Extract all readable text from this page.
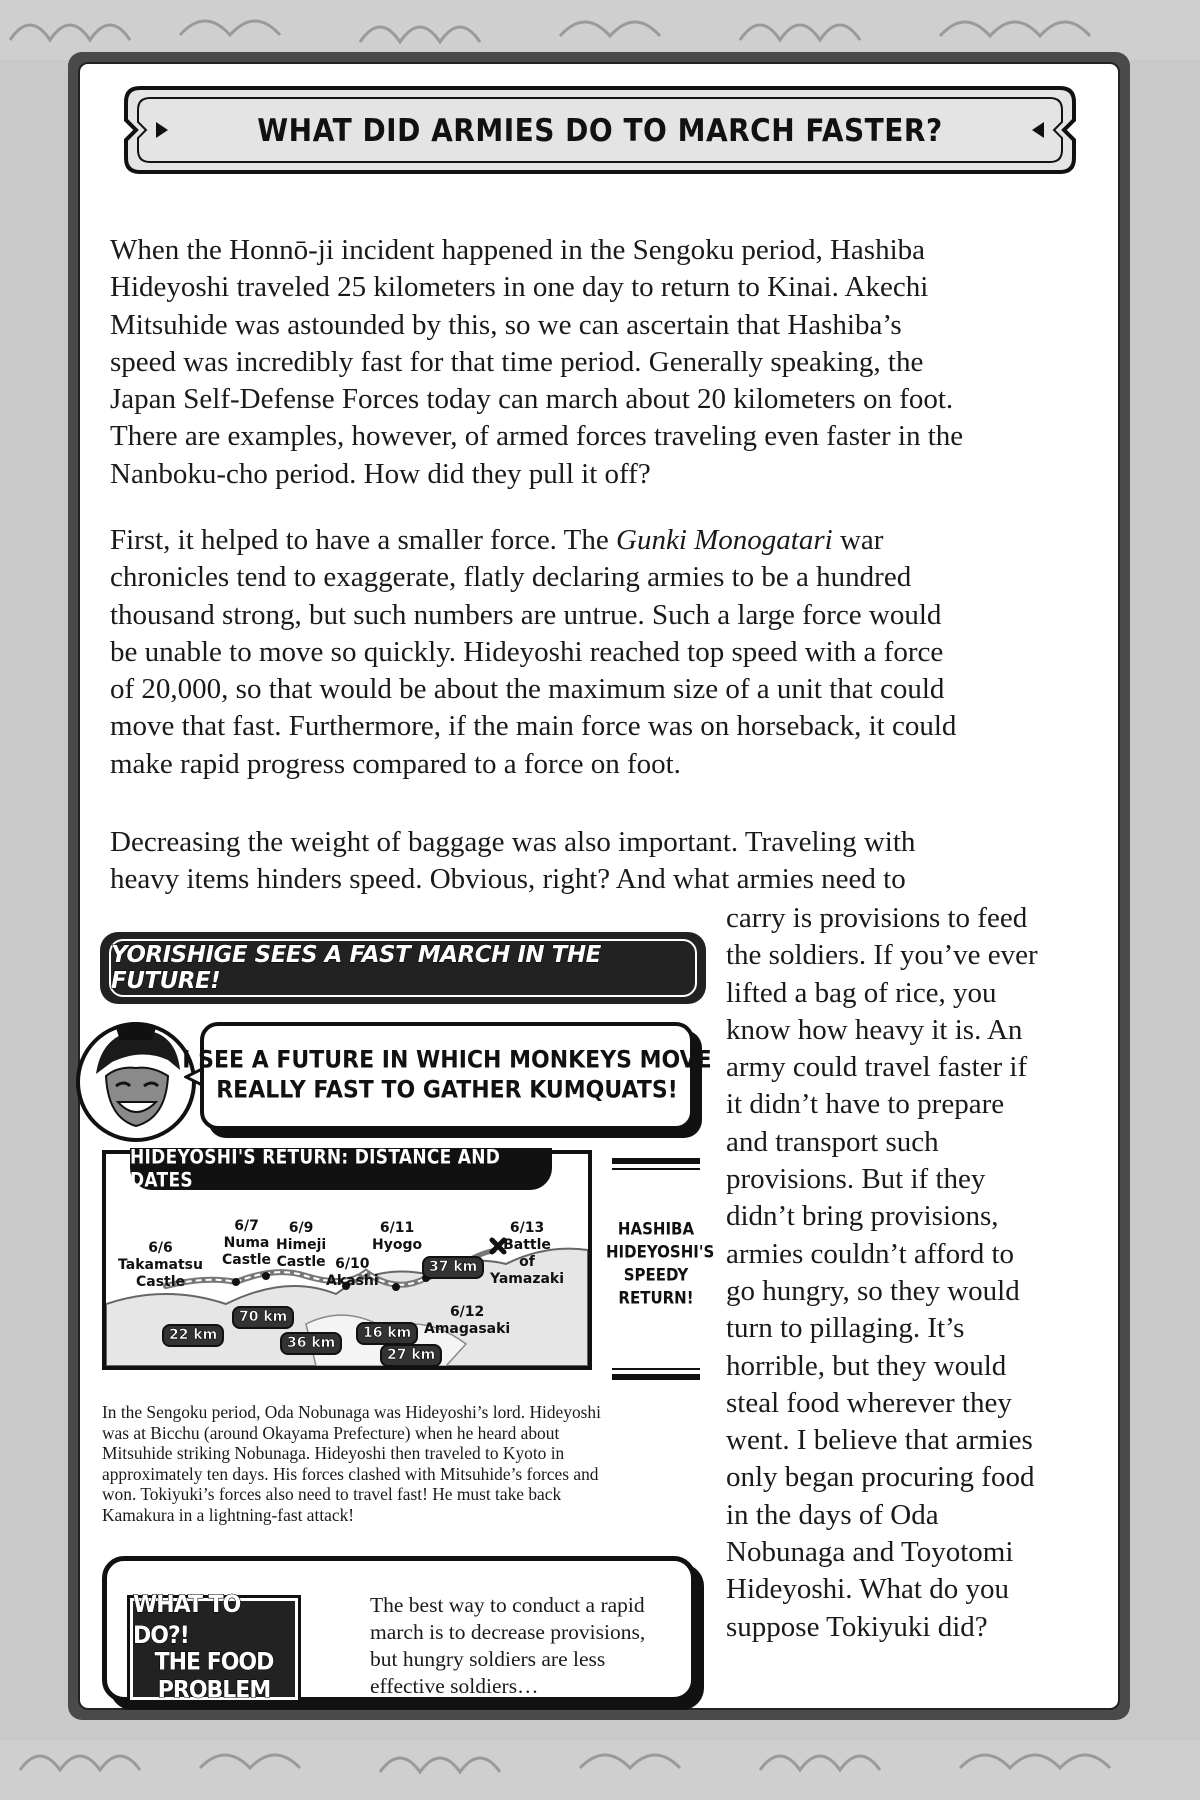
WHAT DID ARMIES DO TO MARCH FASTER?
When the Honnō-ji incident happened in the Sengoku period, Hashiba
Hideyoshi traveled 25 kilometers in one day to return to Kinai. Akechi
Mitsuhide was astounded by this, so we can ascertain that Hashiba’s
speed was incredibly fast for that time period. Generally speaking, the
Japan Self-Defense Forces today can march about 20 kilometers on foot.
There are examples, however, of armed forces traveling even faster in the
Nanboku-cho period. How did they pull it off?
First, it helped to have a smaller force. The Gunki Monogatari war
chronicles tend to exaggerate, flatly declaring armies to be a hundred
thousand strong, but such numbers are untrue. Such a large force would
be unable to move so quickly. Hideyoshi reached top speed with a force
of 20,000, so that would be about the maximum size of a unit that could
move that fast. Furthermore, if the main force was on horseback, it could
make rapid progress compared to a force on foot.
Decreasing the weight of baggage was also important. Traveling with
heavy items hinders speed. Obvious, right? And what armies need to
carry is provisions to feed
the soldiers. If you’ve ever
lifted a bag of rice, you
know how heavy it is. An
army could travel faster if
it didn’t have to prepare
and transport such
provisions. But if they
didn’t bring provisions,
armies couldn’t afford to
go hungry, so they would
turn to pillaging. It’s
horrible, but they would
steal food wherever they
went. I believe that armies
only began procuring food
in the days of Oda
Nobunaga and Toyotomi
Hideyoshi. What do you
suppose Tokiyuki did?
YORISHIGE SEES A FAST MARCH IN THE FUTURE!
I SEE A FUTURE IN WHICH MONKEYS MOVE
REALLY FAST TO GATHER KUMQUATS!
HIDEYOSHI'S RETURN: DISTANCE AND DATES
6/6
Takamatsu
Castle
6/7
Numa
Castle
6/9
Himeji
Castle 6/10
Akashi
6/11
Hyogo
6/13
Battle
of
Yamazaki
6/12
Amagasaki
22 km
70 km
36 km
16 km
27 km
37 km
HASHIBA
HIDEYOSHI'S
SPEEDY
RETURN!
In the Sengoku period, Oda Nobunaga was Hideyoshi’s lord. Hideyoshi
was at Bicchu (around Okayama Prefecture) when he heard about
Mitsuhide striking Nobunaga. Hideyoshi then traveled to Kyoto in
approximately ten days. His forces clashed with Mitsuhide’s forces and
won. Tokiyuki’s forces also need to travel fast! He must take back
Kamakura in a lightning-fast attack!
WHAT TO DO?!
THE FOOD
PROBLEM
The best way to conduct a rapid
march is to decrease provisions,
but hungry soldiers are less
effective soldiers…
